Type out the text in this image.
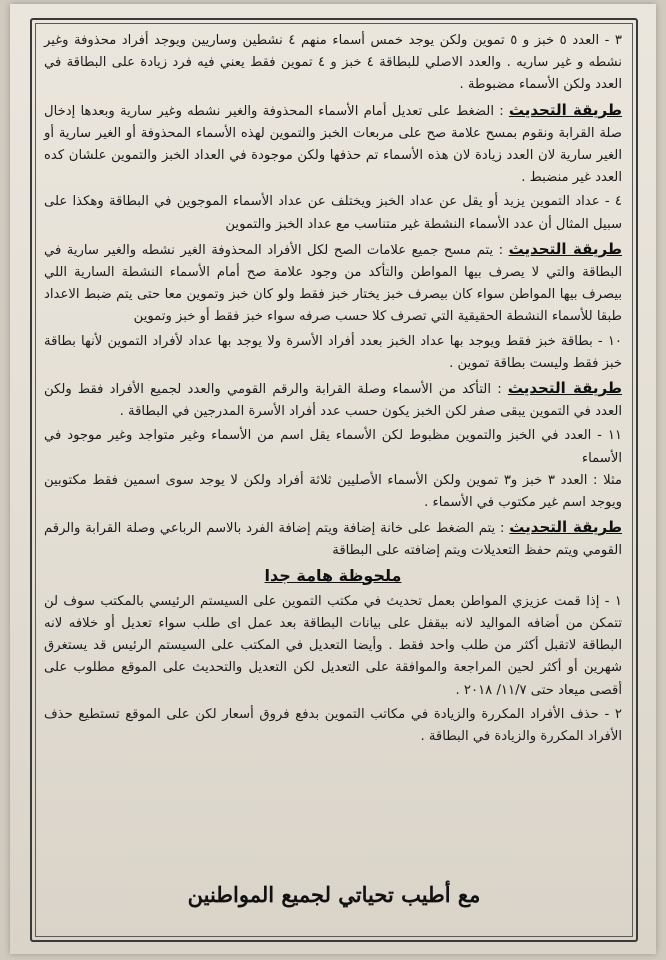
٣ - العدد ٥ خبز و ٥ تموين ولكن يوجد خمس أسماء منهم ٤ نشطين وساريين ويوجد أفراد محذوفة وغير نشطه و غير ساريه . والعدد الاصلي للبطاقة ٤ خبز و ٤ تموين فقط يعني فيه فرد زيادة على البطاقة في العدد ولكن الأسماء مضبوطة .

طريقة التحديث : الضغط على تعديل أمام الأسماء المحذوفة والغير نشطه وغير سارية وبعدها إدخال صلة القرابة ونقوم بمسح علامة صح على مربعات الخبز والتموين لهذه الأسماء المحذوفة أو الغير سارية أو الغير سارية لان العدد زيادة لان هذه الأسماء تم حذفها ولكن موجودة في العداد الخبز والتموين علشان كده العدد غير منضبط .

٤ - عداد التموين يزيد أو يقل عن عداد الخبز ويختلف عن عداد الأسماء الموجوين في البطاقة وهكذا على سبيل المثال أن عدد الأسماء النشطة غير متناسب مع عداد الخبز والتموين

طريقة التحديث : يتم مسح جميع علامات الصح لكل الأفراد المحذوفة الغير نشطه والغير سارية في البطاقة والتي لا يصرف بيها المواطن والتأكد من وجود علامة صح أمام الأسماء النشطة السارية اللي بيصرف بيها المواطن سواء كان بيصرف خبز يختار خبز فقط ولو كان خبز وتموين معا حتى يتم ضبط الاعداد طبقا للأسماء النشطة الحقيقية التي تصرف كلا حسب صرفه سواء خبز فقط أو خبز وتموين

١٠ - بطاقة خبز فقط ويوجد بها عداد الخبز بعدد أفراد الأسرة ولا يوجد بها عداد لأفراد التموين لأنها بطاقة خبز فقط وليست بطاقة تموين .

طريقة التحديث : التأكد من الأسماء وصلة القرابة والرقم القومي والعدد لجميع الأفراد فقط ولكن العدد في التموين يبقى صفر لكن الخبز يكون حسب عدد أفراد الأسرة المدرجين في البطاقة .

١١ - العدد في الخبز والتموين مظبوط لكن الأسماء يقل اسم من الأسماء وغير متواجد وغير موجود في الأسماء

مثلا : العدد ٣ خبز و٣ تموين ولكن الأسماء الأصليين ثلاثة أفراد ولكن لا يوجد سوى اسمين فقط مكتوبين ويوجد اسم غير مكتوب في الأسماء .

طريقة التحديث : يتم الضغط على خانة إضافة ويتم إضافة الفرد بالاسم الرباعي وصلة القرابة والرقم القومي ويتم حفظ التعديلات ويتم إضافته على البطاقة

ملحوظة هامة جدا

١ - إذا قمت عزيزي المواطن بعمل تحديث في مكتب التموين على السيستم الرئيسي بالمكتب سوف لن تتمكن من أضافه المواليد لانه بيقفل على بيانات البطاقة بعد عمل اى طلب سواء تعديل أو خلافه لانه البطاقة لاتقبل أكثر من طلب واحد فقط . وأيضا التعديل في المكتب على السيستم الرئيس قد يستغرق شهرين أو أكثر لحين المراجعة والموافقة على التعديل لكن التعديل والتحديث على الموقع مطلوب على أقصى ميعاد حتى ١١/٧/ ٢٠١٨ .

٢ - حذف الأفراد المكررة والزيادة في مكاتب التموين بدفع فروق أسعار لكن على الموقع تستطيع حذف الأفراد المكررة والزيادة في البطاقة .

مع أطيب تحياتي لجميع المواطنين
